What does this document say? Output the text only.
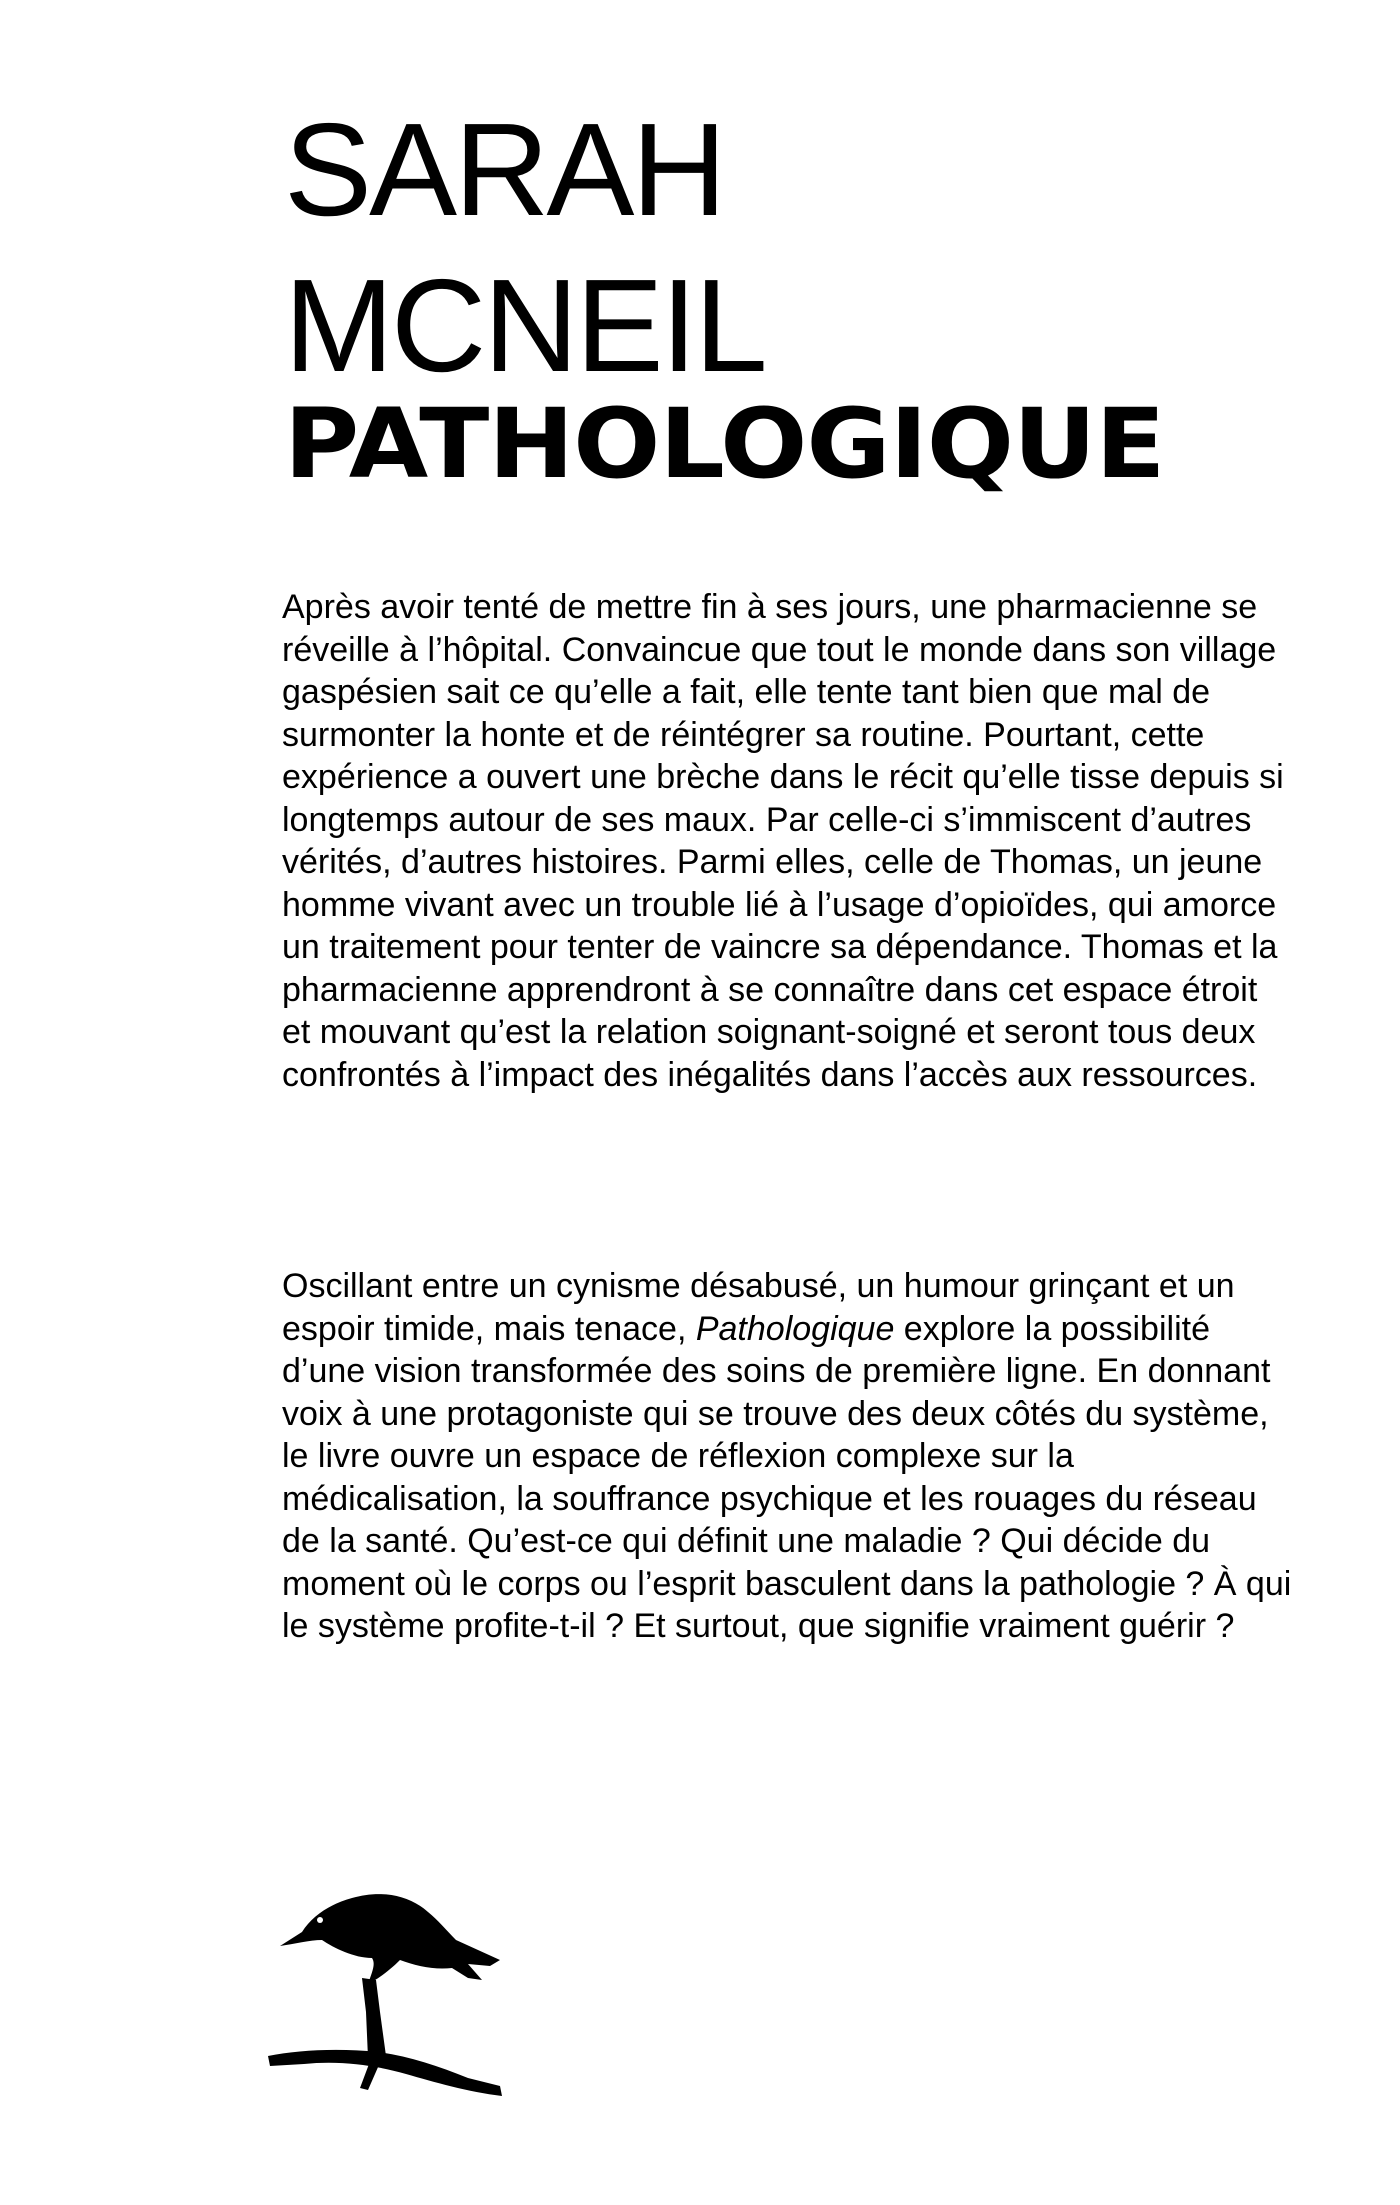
SARAH
MCNEIL
PATHOLOGIQUE

Après avoir tenté de mettre fin à ses jours, une pharmacienne se réveille à l’hôpital. Convaincue que tout le monde dans son village gaspésien sait ce qu’elle a fait, elle tente tant bien que mal de surmonter la honte et de réintégrer sa routine. Pourtant, cette expérience a ouvert une brèche dans le récit qu’elle tisse depuis si longtemps autour de ses maux. Par celle-ci s’immiscent d’autres vérités, d’autres histoires. Parmi elles, celle de Thomas, un jeune homme vivant avec un trouble lié à l’usage d’opioïdes, qui amorce un traitement pour tenter de vaincre sa dépendance. Thomas et la pharmacienne apprendront à se connaître dans cet espace étroit et mouvant qu’est la relation soignant-soigné et seront tous deux confrontés à l’impact des inégalités dans l’accès aux ressources.

Oscillant entre un cynisme désabusé, un humour grinçant et un espoir timide, mais tenace, Pathologique explore la possibilité d’une vision transformée des soins de première ligne. En donnant voix à une protagoniste qui se trouve des deux côtés du système, le livre ouvre un espace de réflexion complexe sur la médicalisation, la souffrance psychique et les rouages du réseau de la santé. Qu’est-ce qui définit une maladie ? Qui décide du moment où le corps ou l’esprit basculent dans la pathologie ? À qui le système profite-t-il ? Et surtout, que signifie vraiment guérir ?
